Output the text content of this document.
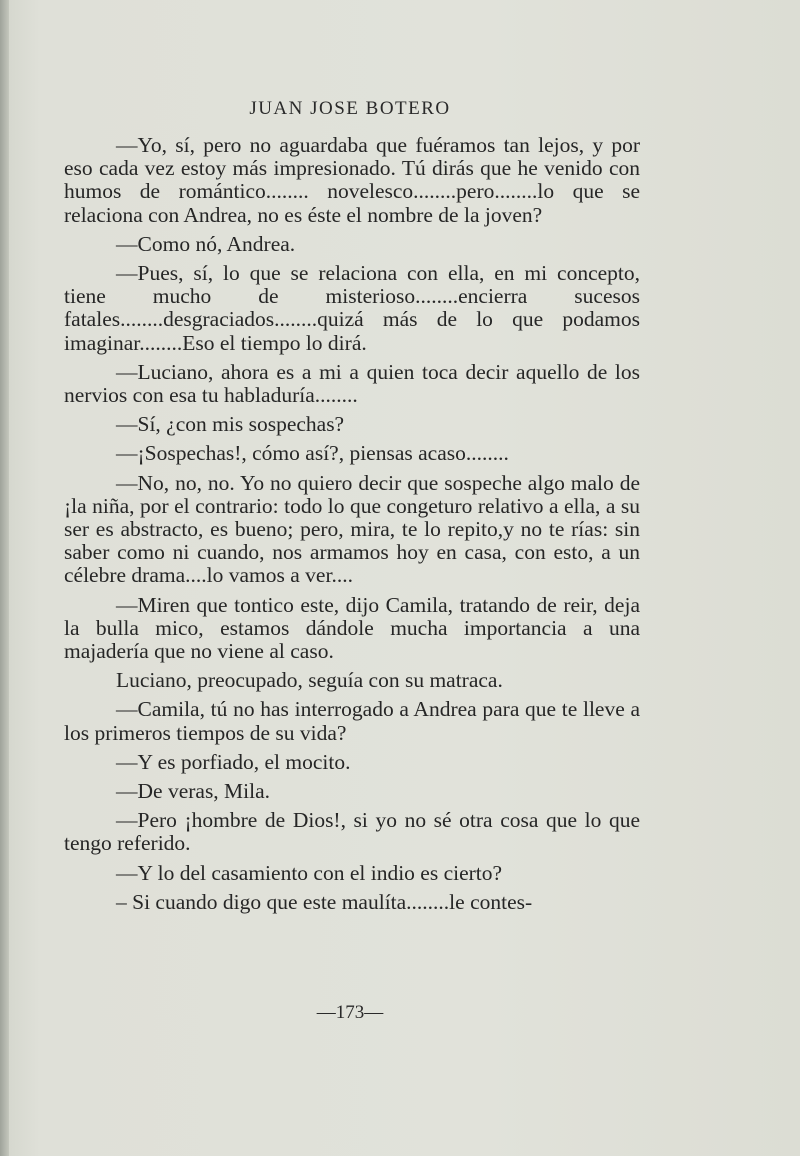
JUAN JOSE BOTERO

—Yo, sí, pero no aguardaba que fuéramos tan lejos, y por eso cada vez estoy más impresionado. Tú dirás que he venido con humos de romántico........ novelesco........pero........lo que se relaciona con Andrea, no es éste el nombre de la joven?

—Como nó, Andrea.

—Pues, sí, lo que se relaciona con ella, en mi concepto, tiene mucho de misterioso........encierra sucesos fatales........desgraciados........quizá más de lo que podamos imaginar........Eso el tiempo lo dirá.

—Luciano, ahora es a mi a quien toca decir aquello de los nervios con esa tu habladuría........

—Sí, ¿con mis sospechas?

—¡Sospechas!, cómo así?, piensas acaso........

—No, no, no. Yo no quiero decir que sospeche algo malo de ¡la niña, por el contrario: todo lo que congeturo relativo a ella, a su ser es abstracto, es bueno; pero, mira, te lo repito,y no te rías: sin saber como ni cuando, nos armamos hoy en casa, con esto, a un célebre drama....lo vamos a ver....

—Miren que tontico este, dijo Camila, tratando de reir, deja la bulla mico, estamos dándole mucha importancia a una majadería que no viene al caso.

Luciano, preocupado, seguía con su matraca.

—Camila, tú no has interrogado a Andrea para que te lleve a los primeros tiempos de su vida?

—Y es porfiado, el mocito.

—De veras, Mila.

—Pero ¡hombre de Dios!, si yo no sé otra cosa que lo que tengo referido.

—Y lo del casamiento con el indio es cierto?

– Si cuando digo que este maulíta........le contes-

—173—
